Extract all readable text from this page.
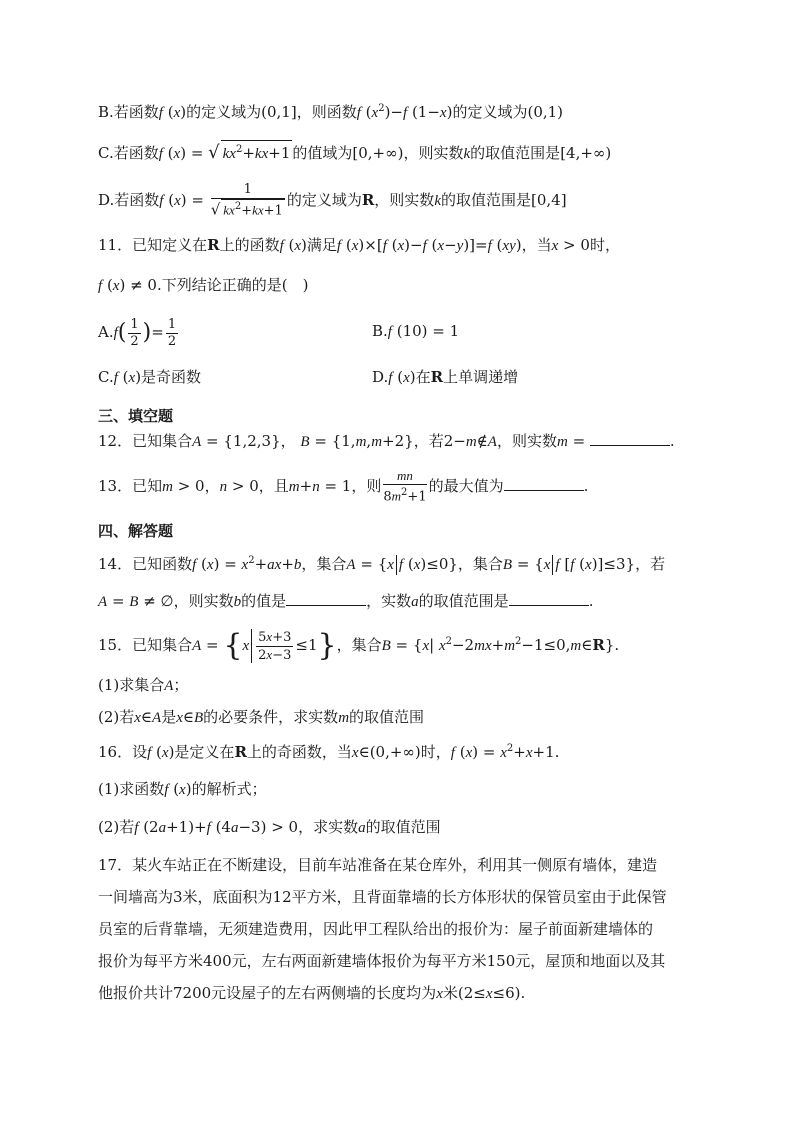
B.若函数f (x)的定义域为(0,1]，则函数f $(x^2)-f$ (1−x)的定义域为(0,1)
C.若函数f (x) = √ $kx^2+kx+1$ 的值域为[0,+∞)，则实数k的取值范围是[4,+∞)
D.若函数f $(x) = \frac{1}{√ kx^2+kx+1}$ 的定义域为R，则实数k的取值范围是[0,4]
11．已知定义在R上的函数f (x)满足f (x)×[f (x)−f (x−y)]=f (xy)，当x > 0时，
f (x) ≠ 0.下列结论正确的是(　)
$A.f( \frac{1}{2}$ )= $\frac{1}{2}$	B.f (10) = 1
C.f (x)是奇函数	D.f (x)在R上单调递增
三、填空题
12．已知集合A = {1,2,3}， B = {1,m,m+2}，若2−m∉A，则实数m =	.
13．已知m > 0，n > 0，且m+n = 1，则 $\frac{mn}{8m^2+1}$ 的最大值为	.
四、解答题
14．已知函数f $(x) = x^2+ax+b$，集合A = {x f (x)≤0}，集合B = {x f [f (x)]≤3}，若
A = B ≠ ∅，则实数b的值是	，实数a的取值范围是	.
15．已知集合$A = \{x \frac{5x+3}{2x-3} \le 1\}$，集合B = {x| $x^2-2mx+m^2-1\le 0,m\in R$}.
(1)求集合A；
(2)若x∈A是x∈B的必要条件，求实数m的取值范围
16．设f (x)是定义在R上的奇函数，当x∈(0,+∞)时，f $(x) = x^2+x+1$.
(1)求函数f (x)的解析式；
(2)若f (2a+1)+f (4a−3) > 0，求实数a的取值范围
17．某火车站正在不断建设，目前车站准备在某仓库外，利用其一侧原有墙体，建造
一间墙高为3米，底面积为12平方米，且背面靠墙的长方体形状的保管员室由于此保管
员室的后背靠墙，无须建造费用，因此甲工程队给出的报价为：屋子前面新建墙体的
报价为每平方米400元，左右两面新建墙体报价为每平方米150元，屋顶和地面以及其
他报价共计7200元设屋子的左右两侧墙的长度均为x米(2≤x≤6).
